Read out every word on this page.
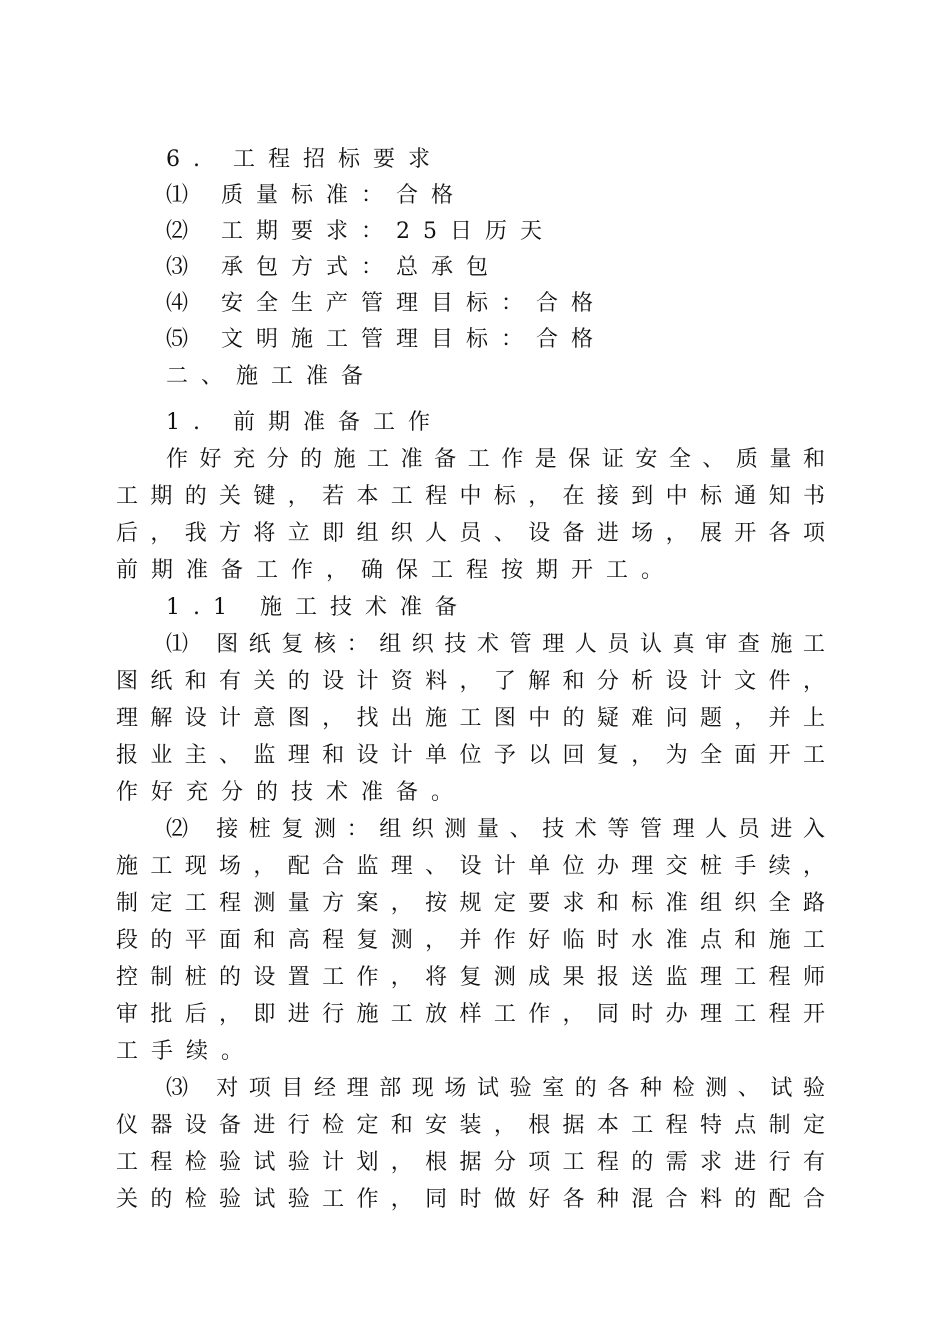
6. 工程招标要求
⑴ 质量标准：合格
⑵ 工期要求：25日历天
⑶ 承包方式：总承包
⑷ 安全生产管理目标：合格
⑸ 文明施工管理目标：合格
二、施工准备
1. 前期准备工作
作好充分的施工准备工作是保证安全、质量和
工期的关键，若本工程中标，在接到中标通知书
后，我方将立即组织人员、设备进场，展开各项
前期准备工作，确保工程按期开工。
1.1 施工技术准备
⑴ 图纸复核：组织技术管理人员认真审查施工
图纸和有关的设计资料，了解和分析设计文件，
理解设计意图，找出施工图中的疑难问题，并上
报业主、监理和设计单位予以回复，为全面开工
作好充分的技术准备。
⑵ 接桩复测：组织测量、技术等管理人员进入
施工现场，配合监理、设计单位办理交桩手续，
制定工程测量方案，按规定要求和标准组织全路
段的平面和高程复测，并作好临时水准点和施工
控制桩的设置工作，将复测成果报送监理工程师
审批后，即进行施工放样工作，同时办理工程开
工手续。
⑶ 对项目经理部现场试验室的各种检测、试验
仪器设备进行检定和安装，根据本工程特点制定
工程检验试验计划，根据分项工程的需求进行有
关的检验试验工作，同时做好各种混合料的配合
